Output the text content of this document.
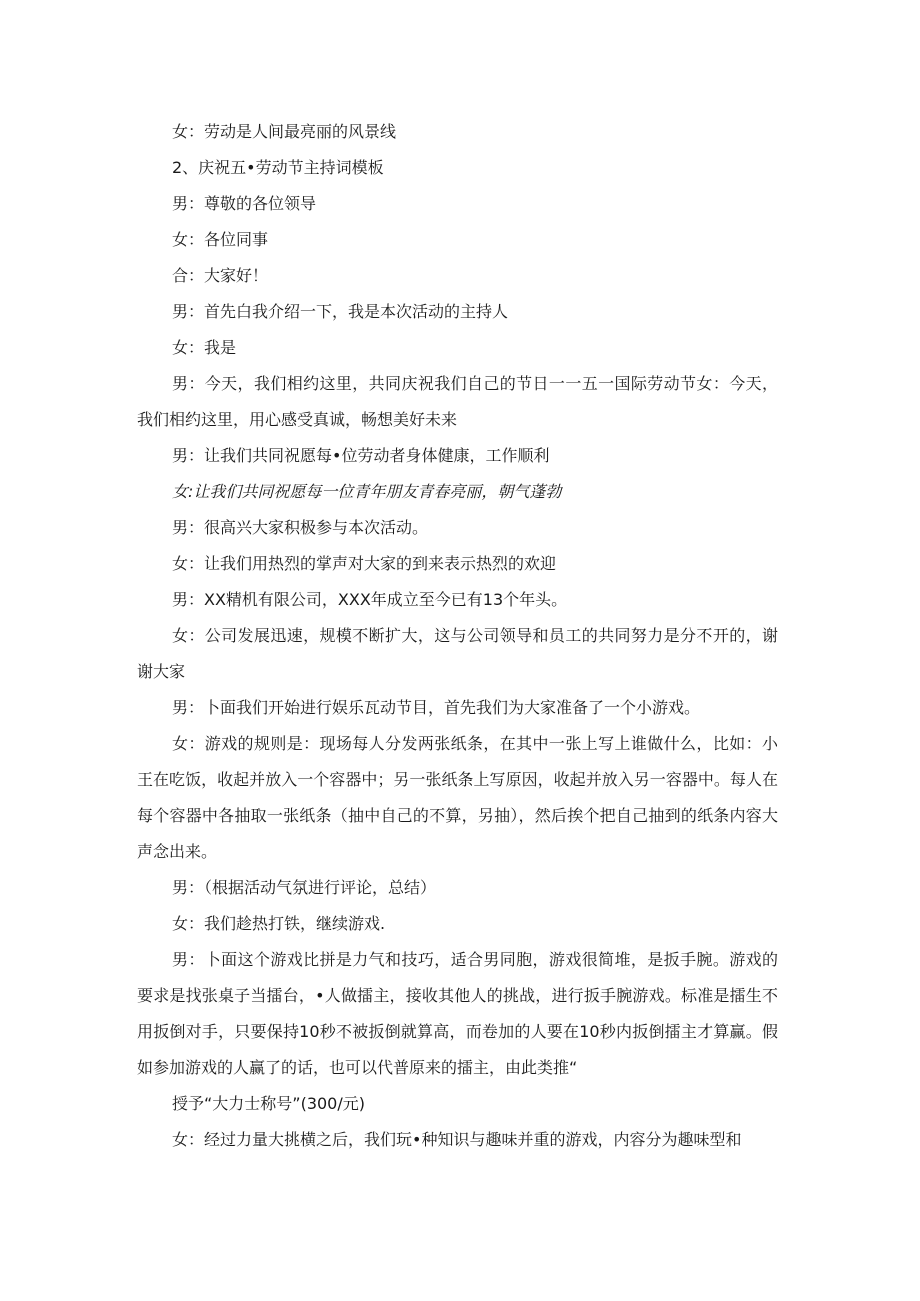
女：劳动是人间最亮丽的风景线

2、庆祝五•劳动节主持词模板

男：尊敬的各位领导

女：各位同事

合：大家好！

男：首先白我介绍一下，我是本次活动的主持人

女：我是

男：今天，我们相约这里，共同庆祝我们自己的节日一一五一国际劳动节女：今天，我们相约这里，用心感受真诚，畅想美好未来

男：让我们共同祝愿每•位劳动者身体健康，工作顺利

女:让我们共同祝愿每一位青年朋友青春亮丽，朝气蓬勃

男：很高兴大家积极参与本次活动。

女：让我们用热烈的掌声对大家的到来表示热烈的欢迎

男：XX精机有限公司，XXX年成立至今已有13个年头。

女：公司发展迅速，规模不断扩大，这与公司领导和员工的共同努力是分不开的，谢谢大家

男：卜面我们开始进行娱乐瓦动节目，首先我们为大家准备了一个小游戏。

女：游戏的规则是：现场每人分发两张纸条，在其中一张上写上谁做什么，比如：小王在吃饭，收起并放入一个容器中；另一张纸条上写原因，收起并放入另一容器中。每人在每个容器中各抽取一张纸条（抽中自己的不算，另抽），然后挨个把自己抽到的纸条内容大声念出来。

男：（根据活动气氛进行评论，总结）

女：我们趁热打铁，继续游戏.

男：卜面这个游戏比拼是力气和技巧，适合男同胞，游戏很简堆，是扳手腕。游戏的要求是找张桌子当擂台，•人做擂主，接收其他人的挑战，进行扳手腕游戏。标准是擂生不用扳倒对手，只要保持10秒不被扳倒就算高，而卷加的人要在10秒内扳倒擂主才算赢。假如参加游戏的人赢了的话，也可以代普原来的擂主，由此类推“

授予“大力士称号”(300/元)

女：经过力量大挑横之后，我们玩•种知识与趣味并重的游戏，内容分为趣味型和
